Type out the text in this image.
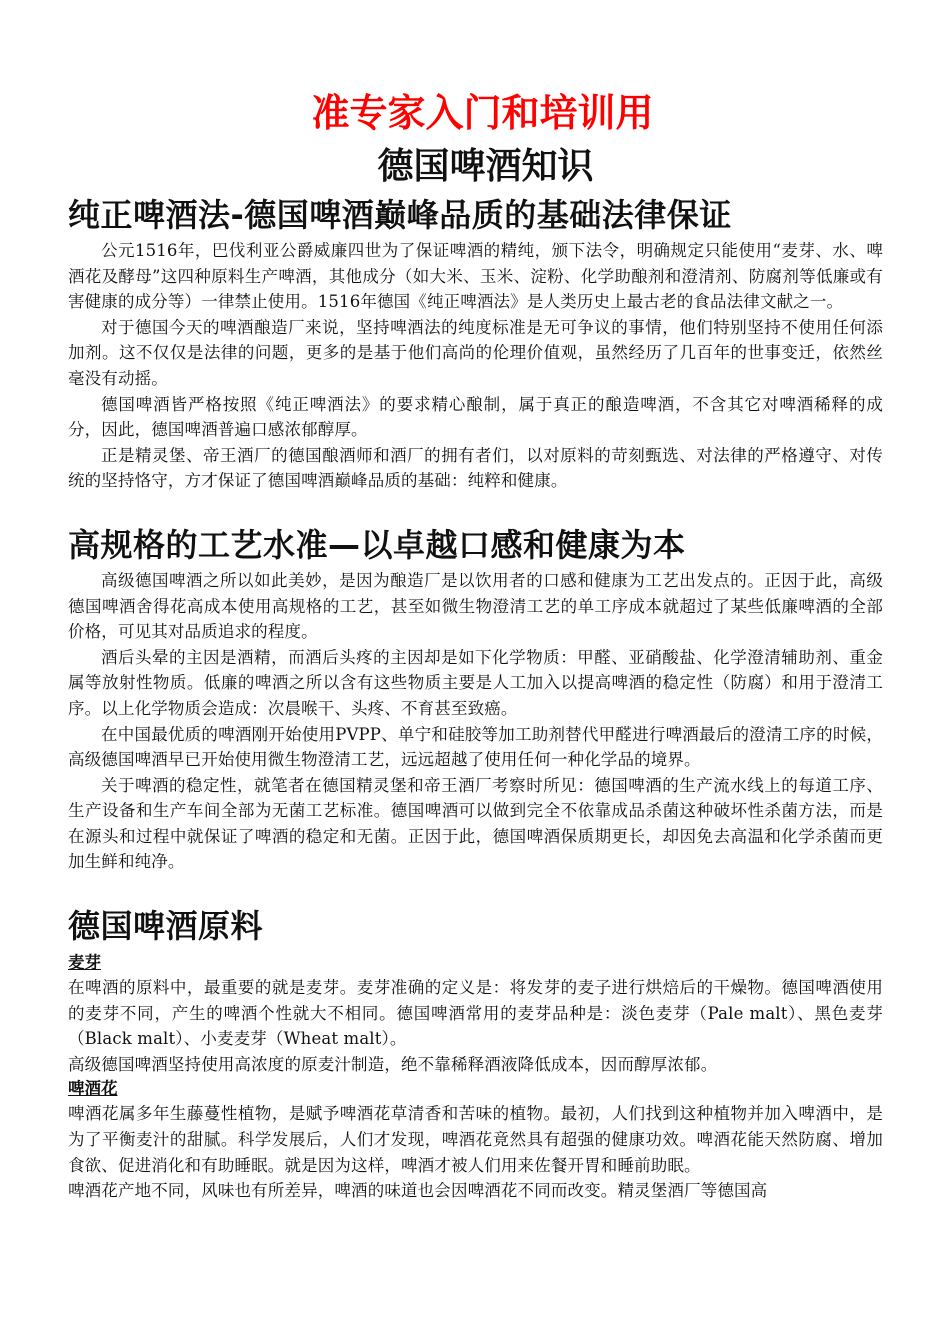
准专家入门和培训用
德国啤酒知识
纯正啤酒法-德国啤酒巅峰品质的基础法律保证

公元1516年，巴伐利亚公爵威廉四世为了保证啤酒的精纯，颁下法令，明确规定只能使用“麦芽、水、啤酒花及酵母”这四种原料生产啤酒，其他成分（如大米、玉米、淀粉、化学助酿剂和澄清剂、防腐剂等低廉或有害健康的成分等）一律禁止使用。1516年德国《纯正啤酒法》是人类历史上最古老的食品法律文献之一。

对于德国今天的啤酒酿造厂来说，坚持啤酒法的纯度标准是无可争议的事情，他们特别坚持不使用任何添加剂。这不仅仅是法律的问题，更多的是基于他们高尚的伦理价值观，虽然经历了几百年的世事变迁，依然丝毫没有动摇。

德国啤酒皆严格按照《纯正啤酒法》的要求精心酿制，属于真正的酿造啤酒，不含其它对啤酒稀释的成分，因此，德国啤酒普遍口感浓郁醇厚。

正是精灵堡、帝王酒厂的德国酿酒师和酒厂的拥有者们，以对原料的苛刻甄选、对法律的严格遵守、对传统的坚持恪守，方才保证了德国啤酒巅峰品质的基础：纯粹和健康。

高规格的工艺水准—以卓越口感和健康为本

高级德国啤酒之所以如此美妙，是因为酿造厂是以饮用者的口感和健康为工艺出发点的。正因于此，高级德国啤酒舍得花高成本使用高规格的工艺，甚至如微生物澄清工艺的单工序成本就超过了某些低廉啤酒的全部价格，可见其对品质追求的程度。

酒后头晕的主因是酒精，而酒后头疼的主因却是如下化学物质：甲醛、亚硝酸盐、化学澄清辅助剂、重金属等放射性物质。低廉的啤酒之所以含有这些物质主要是人工加入以提高啤酒的稳定性（防腐）和用于澄清工序。以上化学物质会造成：次晨喉干、头疼、不育甚至致癌。

在中国最优质的啤酒刚开始使用PVPP、单宁和硅胶等加工助剂替代甲醛进行啤酒最后的澄清工序的时候，高级德国啤酒早已开始使用微生物澄清工艺，远远超越了使用任何一种化学品的境界。

关于啤酒的稳定性，就笔者在德国精灵堡和帝王酒厂考察时所见：德国啤酒的生产流水线上的每道工序、生产设备和生产车间全部为无菌工艺标准。德国啤酒可以做到完全不依靠成品杀菌这种破坏性杀菌方法，而是在源头和过程中就保证了啤酒的稳定和无菌。正因于此，德国啤酒保质期更长，却因免去高温和化学杀菌而更加生鲜和纯净。

德国啤酒原料
麦芽

在啤酒的原料中，最重要的就是麦芽。麦芽准确的定义是：将发芽的麦子进行烘焙后的干燥物。德国啤酒使用的麦芽不同，产生的啤酒个性就大不相同。德国啤酒常用的麦芽品种是：淡色麦芽（Pale malt）、黑色麦芽（Black malt）、小麦麦芽（Wheat malt）。

高级德国啤酒坚持使用高浓度的原麦汁制造，绝不靠稀释酒液降低成本，因而醇厚浓郁。

啤酒花

啤酒花属多年生藤蔓性植物，是赋予啤酒花草清香和苦味的植物。最初，人们找到这种植物并加入啤酒中，是为了平衡麦汁的甜腻。科学发展后，人们才发现，啤酒花竟然具有超强的健康功效。啤酒花能天然防腐、增加食欲、促进消化和有助睡眠。就是因为这样，啤酒才被人们用来佐餐开胃和睡前助眠。

啤酒花产地不同，风味也有所差异，啤酒的味道也会因啤酒花不同而改变。精灵堡酒厂等德国高
